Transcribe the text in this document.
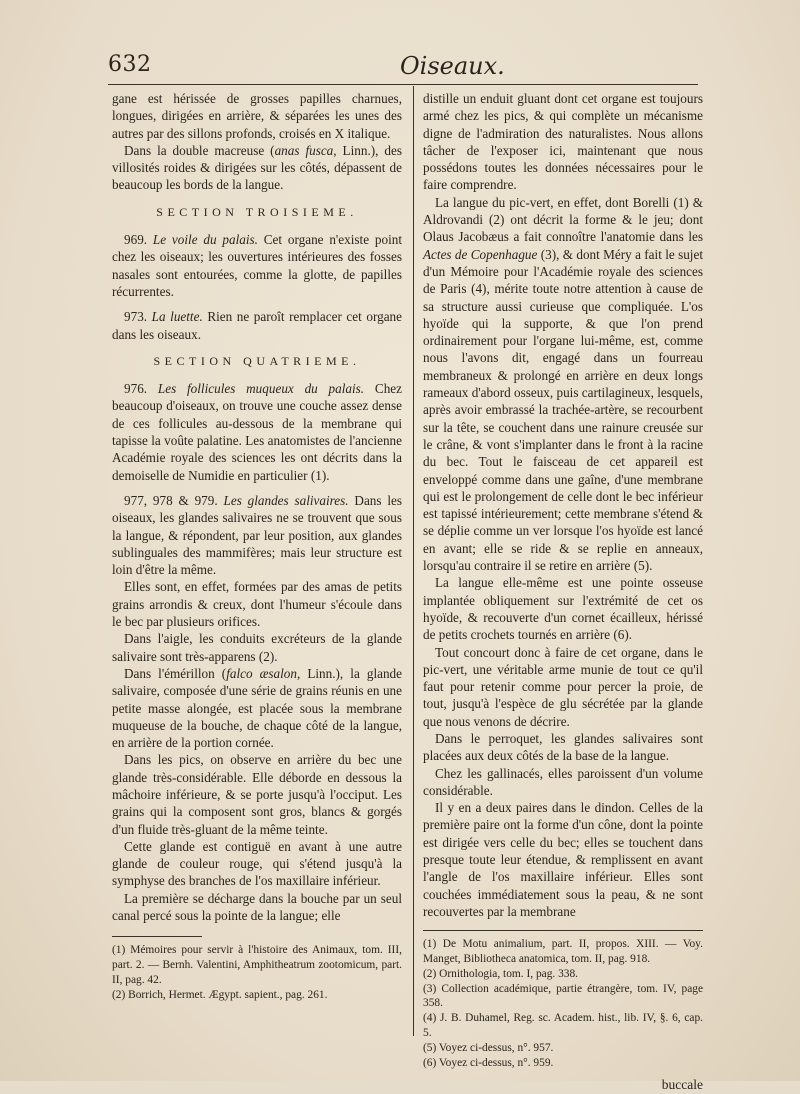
632	Oiseaux.

gane est hérissée de grosses papilles charnues, longues, dirigées en arrière, & séparées les unes des autres par des sillons profonds, croisés en X italique.

Dans la double macreuse (anas fusca, Linn.), des villosités roides & dirigées sur les côtés, dépassent de beaucoup les bords de la langue.

SECTION TROISIEME.

969. Le voile du palais. Cet organe n'existe point chez les oiseaux; les ouvertures intérieures des fosses nasales sont entourées, comme la glotte, de papilles récurrentes.

973. La luette. Rien ne paroît remplacer cet organe dans les oiseaux.

SECTION QUATRIEME.

976. Les follicules muqueux du palais. Chez beaucoup d'oiseaux, on trouve une couche assez dense de ces follicules au-dessous de la membrane qui tapisse la voûte palatine. Les anatomistes de l'ancienne Académie royale des sciences les ont décrits dans la demoiselle de Numidie en particulier (1).

977, 978 & 979. Les glandes salivaires. Dans les oiseaux, les glandes salivaires ne se trouvent que sous la langue, & répondent, par leur position, aux glandes sublinguales des mammifères; mais leur structure est loin d'être la même.

Elles sont, en effet, formées par des amas de petits grains arrondis & creux, dont l'humeur s'écoule dans le bec par plusieurs orifices.

Dans l'aigle, les conduits excréteurs de la glande salivaire sont très-apparens (2).

Dans l'émérillon (falco æsalon, Linn.), la glande salivaire, composée d'une série de grains réunis en une petite masse alongée, est placée sous la membrane muqueuse de la bouche, de chaque côté de la langue, en arrière de la portion cornée.

Dans les pics, on observe en arrière du bec une glande très-considérable. Elle déborde en dessous la mâchoire inférieure, & se porte jusqu'à l'occiput. Les grains qui la composent sont gros, blancs & gorgés d'un fluide très-gluant de la même teinte.

Cette glande est contiguë en avant à une autre glande de couleur rouge, qui s'étend jusqu'à la symphyse des branches de l'os maxillaire inférieur.

La première se décharge dans la bouche par un seul canal percé sous la pointe de la langue; elle

(1) Mémoires pour servir à l'histoire des Animaux, tom. III, part. 2. — Bernh. Valentini, Amphitheatrum zootomicum, part. II, pag. 42.

(2) Borrich, Hermet. Ægypt. sapient., pag. 261.

distille un enduit gluant dont cet organe est toujours armé chez les pics, & qui complète un mécanisme digne de l'admiration des naturalistes. Nous allons tâcher de l'exposer ici, maintenant que nous possédons toutes les données nécessaires pour le faire comprendre.

La langue du pic-vert, en effet, dont Borelli (1) & Aldrovandi (2) ont décrit la forme & le jeu; dont Olaus Jacobæus a fait connoître l'anatomie dans les Actes de Copenhague (3), & dont Méry a fait le sujet d'un Mémoire pour l'Académie royale des sciences de Paris (4), mérite toute notre attention à cause de sa structure aussi curieuse que compliquée. L'os hyoïde qui la supporte, & que l'on prend ordinairement pour l'organe lui-même, est, comme nous l'avons dit, engagé dans un fourreau membraneux & prolongé en arrière en deux longs rameaux d'abord osseux, puis cartilagineux, lesquels, après avoir embrassé la trachée-artère, se recourbent sur la tête, se couchent dans une rainure creusée sur le crâne, & vont s'implanter dans le front à la racine du bec. Tout le faisceau de cet appareil est enveloppé comme dans une gaîne, d'une membrane qui est le prolongement de celle dont le bec inférieur est tapissé intérieurement; cette membrane s'étend & se déplie comme un ver lorsque l'os hyoïde est lancé en avant; elle se ride & se replie en anneaux, lorsqu'au contraire il se retire en arrière (5).

La langue elle-même est une pointe osseuse implantée obliquement sur l'extrémité de cet os hyoïde, & recouverte d'un cornet écailleux, hérissé de petits crochets tournés en arrière (6).

Tout concourt donc à faire de cet organe, dans le pic-vert, une véritable arme munie de tout ce qu'il faut pour retenir comme pour percer la proie, de tout, jusqu'à l'espèce de glu sécrétée par la glande que nous venons de décrire.

Dans le perroquet, les glandes salivaires sont placées aux deux côtés de la base de la langue.

Chez les gallinacés, elles paroissent d'un volume considérable.

Il y en a deux paires dans le dindon. Celles de la première paire ont la forme d'un cône, dont la pointe est dirigée vers celle du bec; elles se touchent dans presque toute leur étendue, & remplissent en avant l'angle de l'os maxillaire inférieur. Elles sont couchées immédiatement sous la peau, & ne sont recouvertes par la membrane

(1) De Motu animalium, part. II, propos. XIII. — Voy. Manget, Bibliotheca anatomica, tom. II, pag. 918.

(2) Ornithologia, tom. I, pag. 338.

(3) Collection académique, partie étrangère, tom. IV, page 358.

(4) J. B. Duhamel, Reg. sc. Academ. hist., lib. IV, §. 6, cap. 5.

(5) Voyez ci-dessus, n°. 957.

(6) Voyez ci-dessus, n°. 959.

buccale
